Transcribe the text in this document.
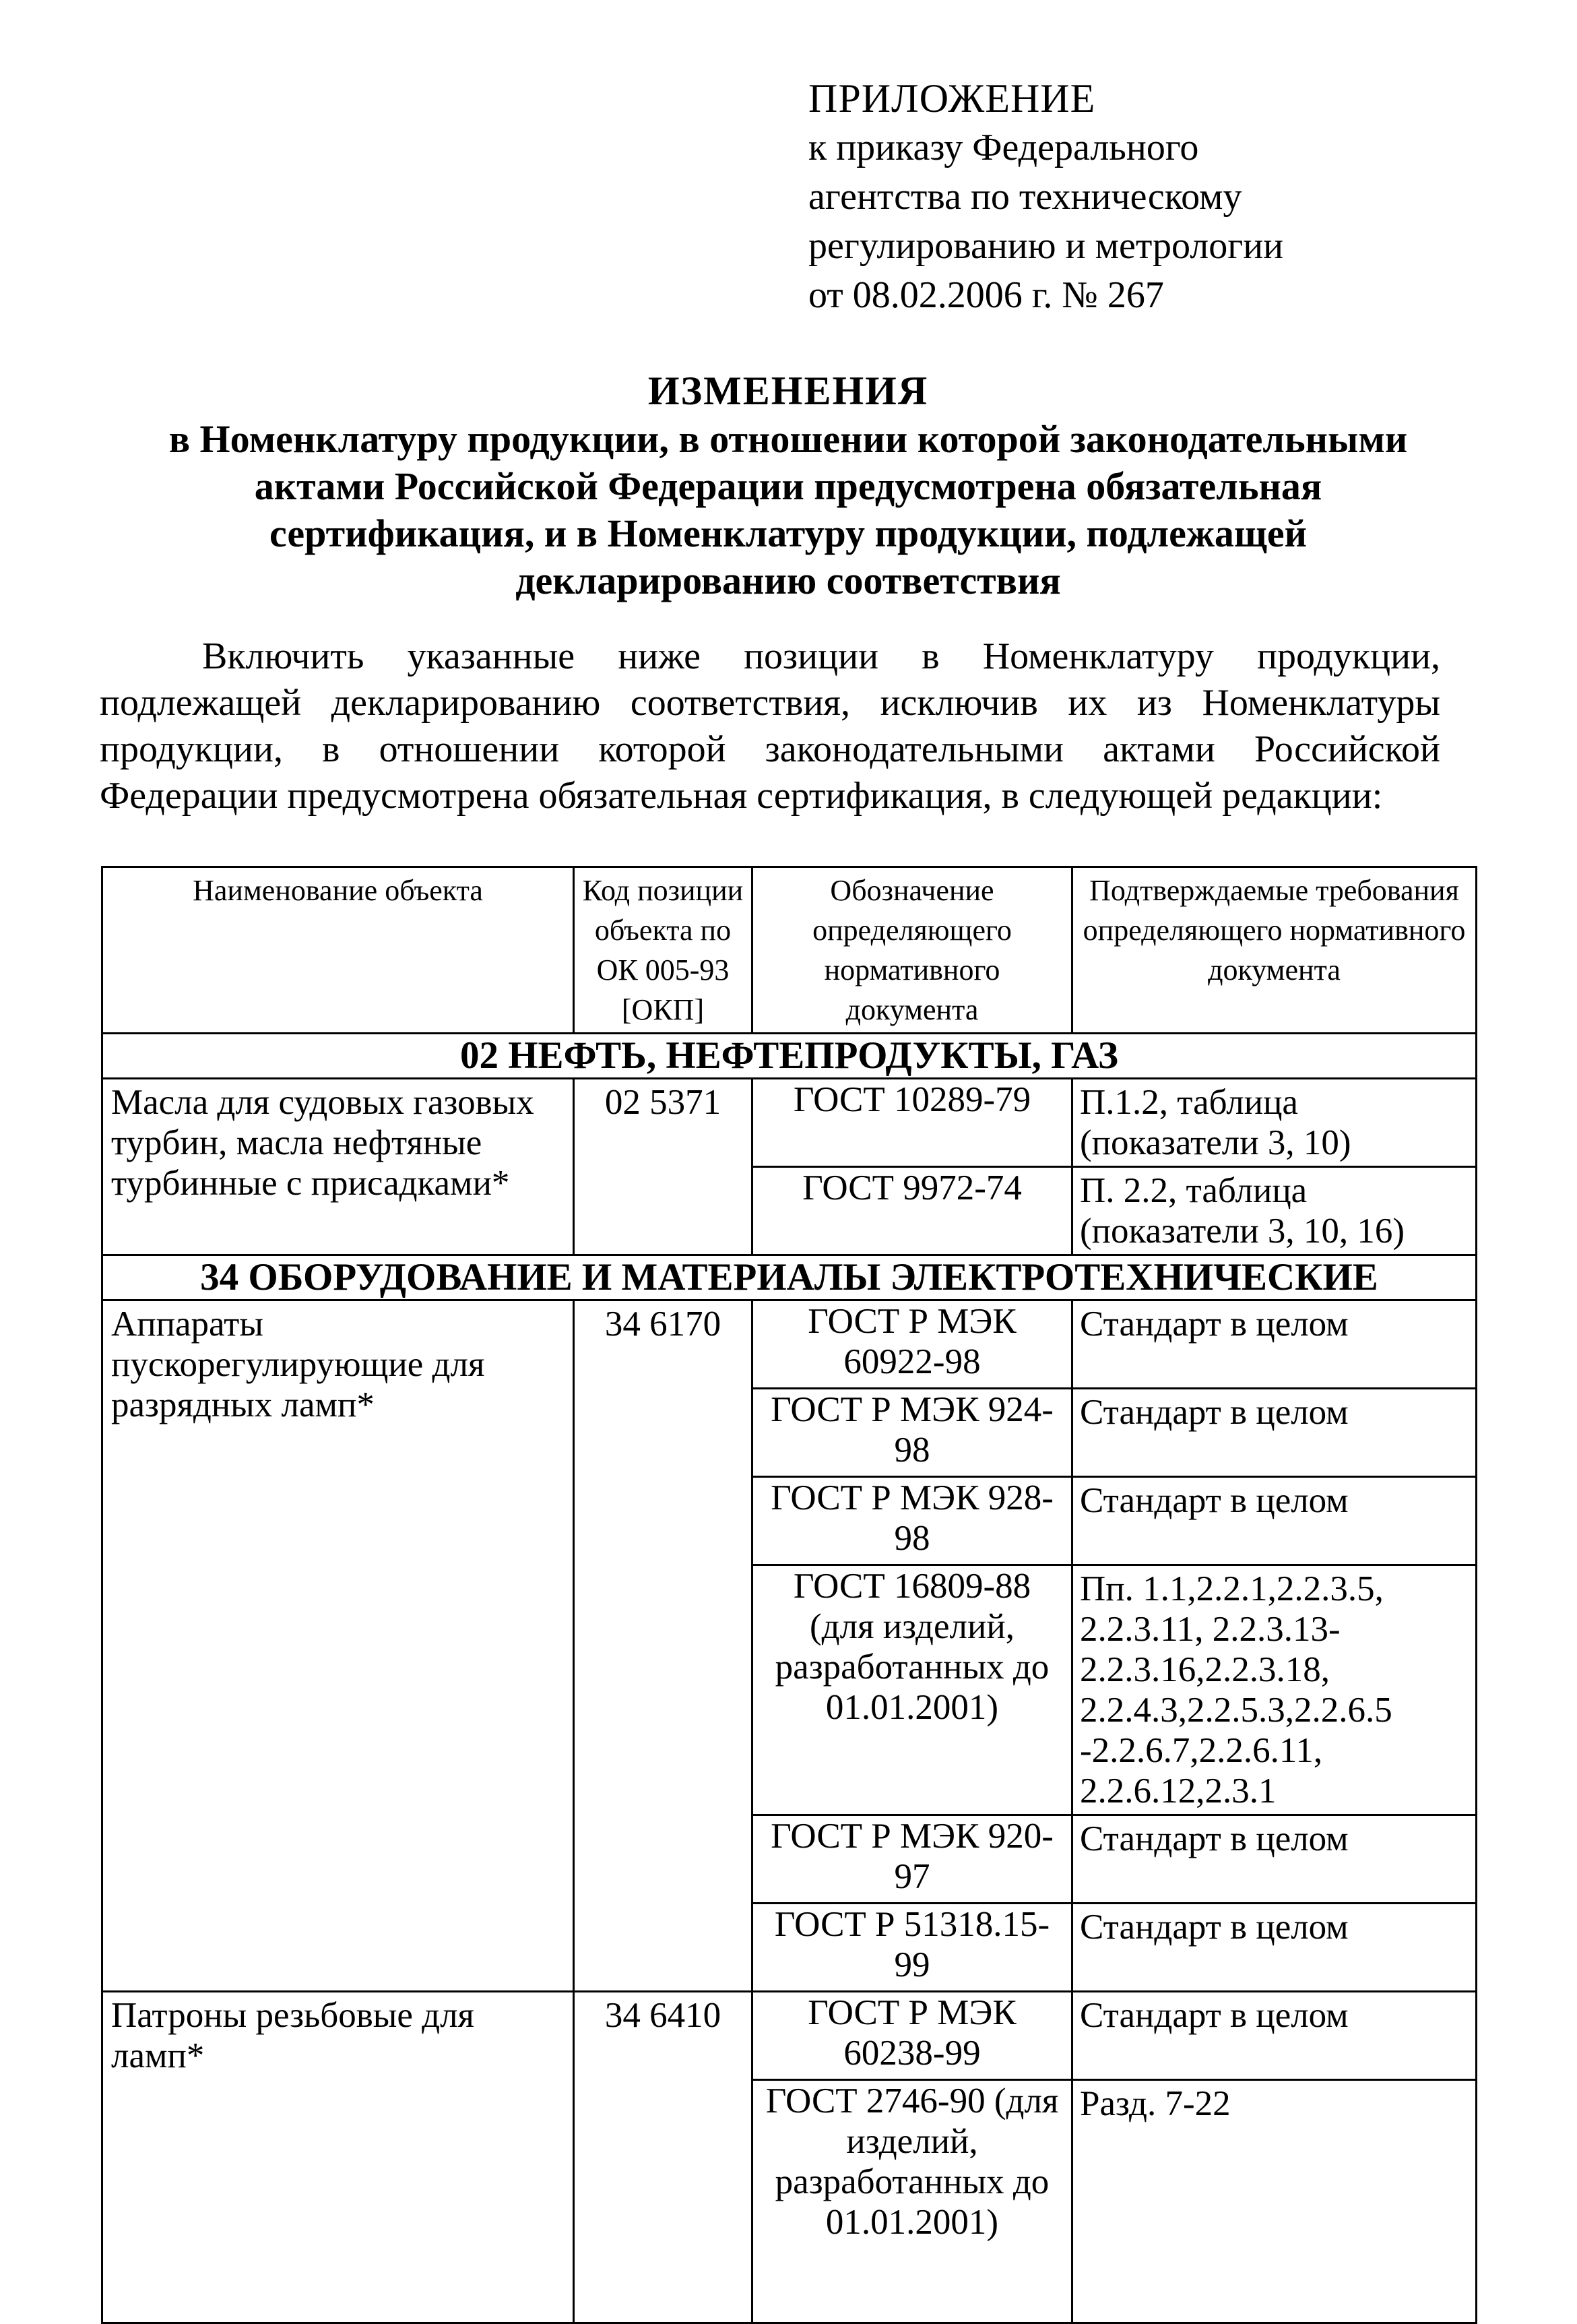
ПРИЛОЖЕНИЕ
к приказу Федерального
агентства по техническому
регулированию и метрологии
от 08.02.2006 г. № 267
ИЗМЕНЕНИЯ
в Номенклатуру продукции, в отношении которой законодательными
актами Российской Федерации предусмотрена обязательная
сертификация, и в Номенклатуру продукции, подлежащей
декларированию соответствия
Включить указанные ниже позиции в Номенклатуру продукции, подлежащей декларированию соответствия, исключив их из Номенклатуры продукции, в отношении которой законодательными актами Российской Федерации предусмотрена обязательная сертификация, в следующей редакции:
Наименование объекта	Код позиции объекта по ОК 005-93 [ОКП]	Обозначение определяющего нормативного документа	Подтверждаемые требования определяющего нормативного документа
02 НЕФТЬ, НЕФТЕПРОДУКТЫ, ГАЗ			
Масла для судовых газовых турбин, масла нефтяные турбинные с присадками*	02 5371	ГОСТ 10289-79	П.1.2, таблица (показатели 3, 10)
		ГОСТ 9972-74	П. 2.2, таблица (показатели 3, 10, 16)
34 ОБОРУДОВАНИЕ И МАТЕРИАЛЫ ЭЛЕКТРОТЕХНИЧЕСКИЕ			
Аппараты пускорегулирующие для разрядных ламп*	34 6170	ГОСТ Р МЭК 60922-98	Стандарт в целом
		ГОСТ Р МЭК 924-98	Стандарт в целом
		ГОСТ Р МЭК 928-98	Стандарт в целом
		ГОСТ 16809-88 (для изделий, разработанных до 01.01.2001)	Пп. 1.1,2.2.1,2.2.3.5, 2.2.3.11, 2.2.3.13-2.2.3.16,2.2.3.18, 2.2.4.3,2.2.5.3,2.2.6.5 -2.2.6.7,2.2.6.11, 2.2.6.12,2.3.1
		ГОСТ Р МЭК 920-97	Стандарт в целом
		ГОСТ Р 51318.15-99	Стандарт в целом
Патроны резьбовые для ламп*	34 6410	ГОСТ Р МЭК 60238-99	Стандарт в целом
		ГОСТ 2746-90 (для изделий, разработанных до 01.01.2001)	Разд. 7-22
